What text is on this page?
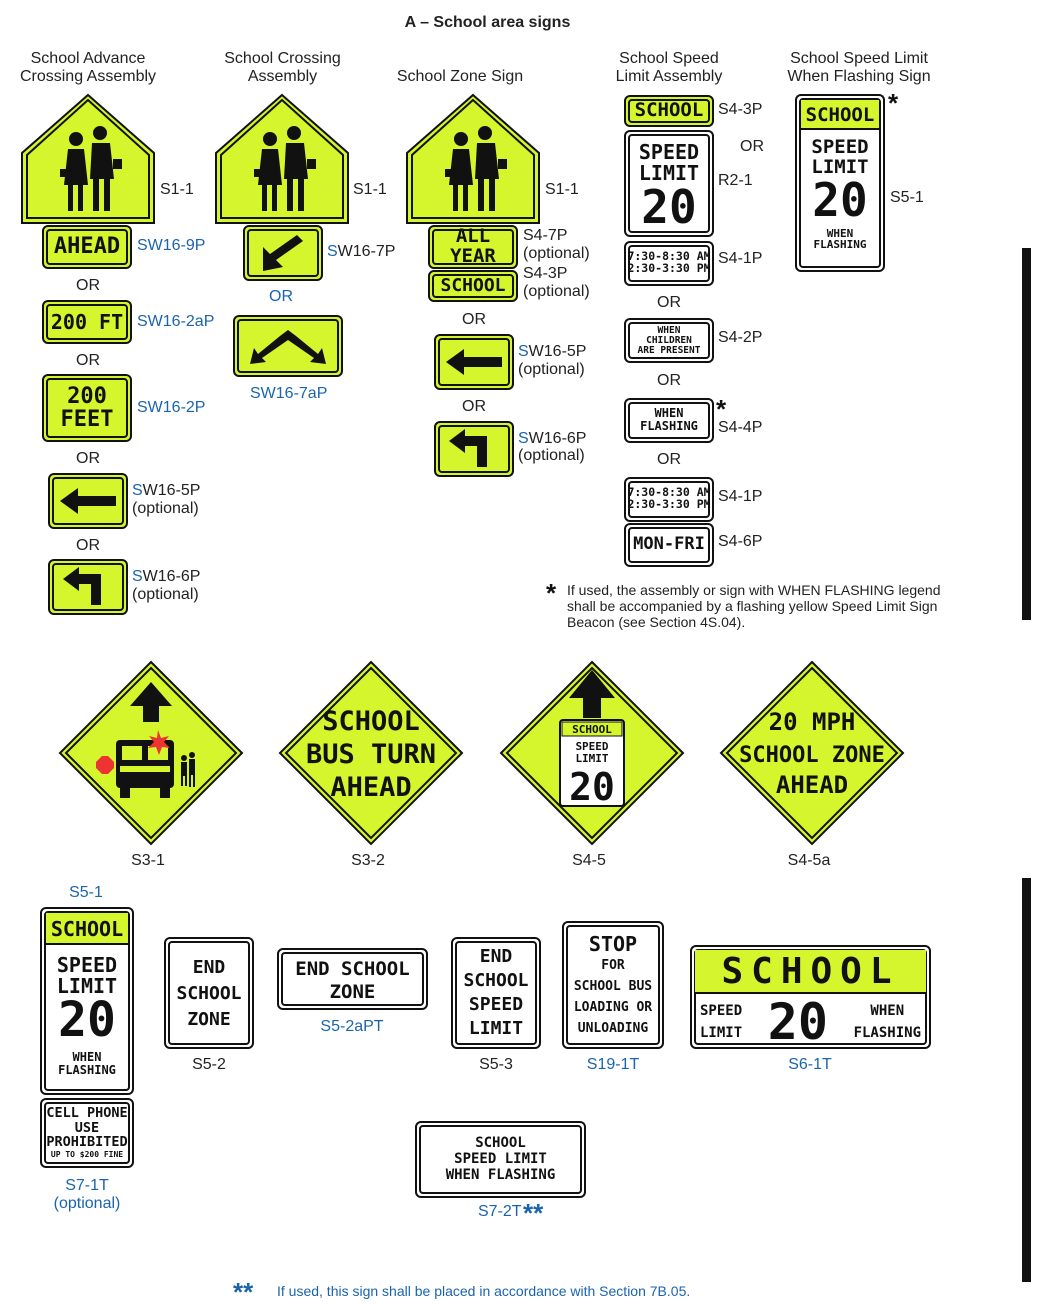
A – School area signs
School Advance
Crossing Assembly
School Crossing
Assembly	School Zone Sign
School Speed
Limit Assembly
School Speed Limit
When Flashing Sign
S1-1	S1-1	S1-1
AHEAD SW16-9P
OR
200 FT SW16-2aP
OR
200
FEET SW16-2P
OR
SW16-5P
(optional)
OR
SW16-6P
(optional)
SW16-7P
OR
SW16-7aP
ALL YEAR
S4-7P
(optional)
SCHOOL
S4-3P
(optional)
OR
SW16-5P
(optional)
OR
SW16-6P
(optional)
SCHOOL S4-3P
OR
SPEED
LIMIT
20	R2-1
7:30-8:30 AM
2:30-3:30 PM
S4-1P
OR
WHEN
CHILDREN
ARE PRESENT
S4-2P
OR
WHEN
FLASHING
*
S4-4P
OR
7:30-8:30 AM
2:30-3:30 PM S4-1P
MON-FRI S4-6P
SCHOOL
SPEED
LIMIT
20
WHEN
FLASHING
*
S5-1
* If used, the assembly or sign with WHEN FLASHING legend
shall be accompanied by a flashing yellow Speed Limit Sign
Beacon (see Section 4S.04).
S3-1
SCHOOL
BUS TURN
AHEAD
S3-2
SCHOOL
SPEED
LIMIT
20
S4-5
20 MPH
SCHOOL ZONE
AHEAD
S4-5a
S5-1
SCHOOL
SPEED
LIMIT
20
WHEN
FLASHING
CELL PHONE
USE
PROHIBITED
UP TO $200 FINE
S7-1T
(optional)
END
SCHOOL
ZONE
S5-2
END SCHOOL
ZONE
S5-2aPT
END
SCHOOL
SPEED
LIMIT
S5-3
STOP
FOR
SCHOOL BUS
LOADING OR
UNLOADING
S19-1T
SCHOOL
SPEED
LIMIT 20	WHEN
FLASHING
S6-1T
SCHOOL
SPEED LIMIT
WHEN FLASHING
S7-2T **
** If used, this sign shall be placed in accordance with Section 7B.05.
